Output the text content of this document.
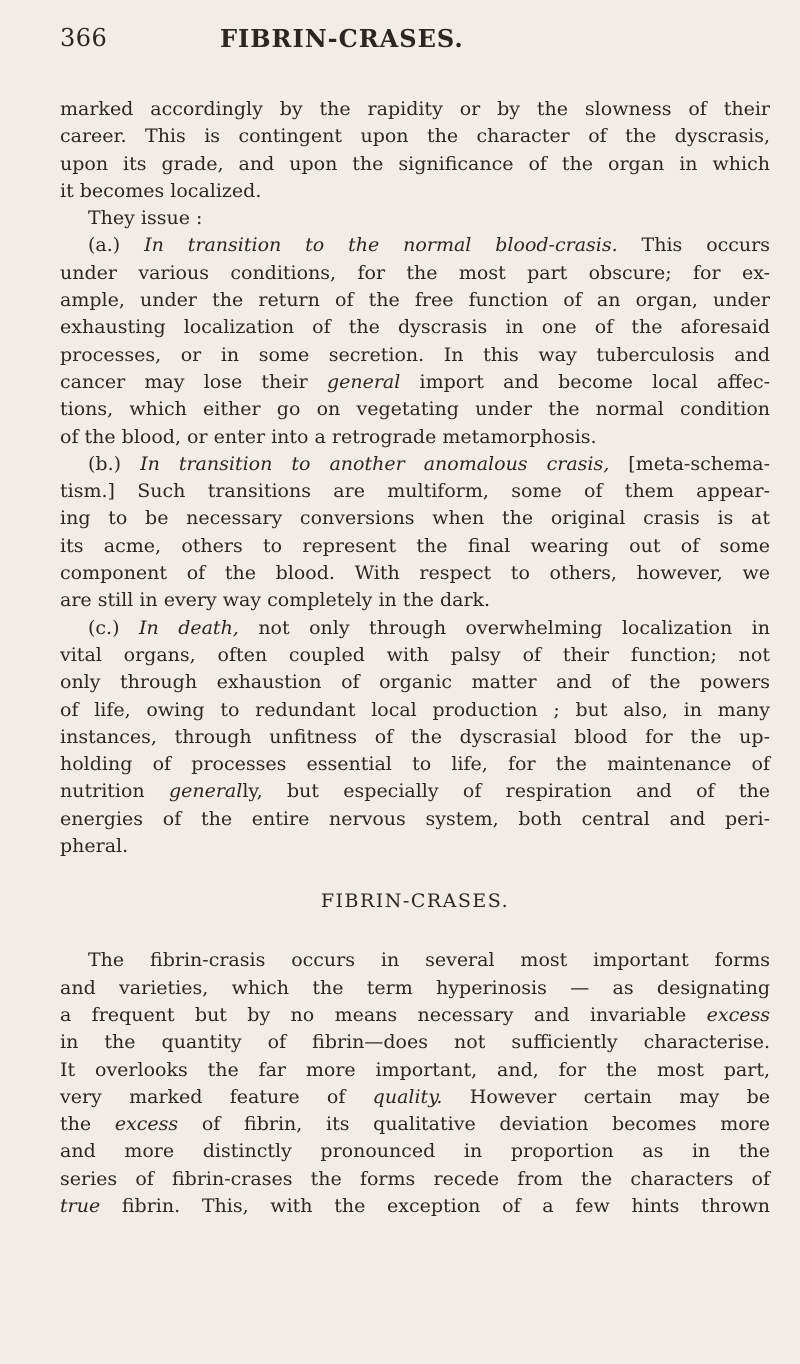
366	FIBRIN-CRASES.
marked accordingly by the rapidity or by the slowness of their
career. This is contingent upon the character of the dyscrasis,
upon its grade, and upon the significance of the organ in which
it becomes localized.
They issue :
(a.) In transition to the normal blood-crasis. This occurs
under various conditions, for the most part obscure; for ex-
ample, under the return of the free function of an organ, under
exhausting localization of the dyscrasis in one of the aforesaid
processes, or in some secretion. In this way tuberculosis and
cancer may lose their general import and become local affec-
tions, which either go on vegetating under the normal condition
of the blood, or enter into a retrograde metamorphosis.
(b.) In transition to another anomalous crasis, [meta-schema-
tism.] Such transitions are multiform, some of them appear-
ing to be necessary conversions when the original crasis is at
its acme, others to represent the final wearing out of some
component of the blood. With respect to others, however, we
are still in every way completely in the dark.
(c.) In death, not only through overwhelming localization in
vital organs, often coupled with palsy of their function; not
only through exhaustion of organic matter and of the powers
of life, owing to redundant local production ; but also, in many
instances, through unfitness of the dyscrasial blood for the up-
holding of processes essential to life, for the maintenance of
nutrition generally, but especially of respiration and of the
energies of the entire nervous system, both central and peri-
pheral.
FIBRIN-CRASES.
The fibrin-crasis occurs in several most important forms
and varieties, which the term hyperinosis — as designating
a frequent but by no means necessary and invariable excess
in the quantity of fibrin—does not sufficiently characterise.
It overlooks the far more important, and, for the most part,
very marked feature of quality. However certain may be
the excess of fibrin, its qualitative deviation becomes more
and more distinctly pronounced in proportion as in the
series of fibrin-crases the forms recede from the characters of
true fibrin. This, with the exception of a few hints thrown
